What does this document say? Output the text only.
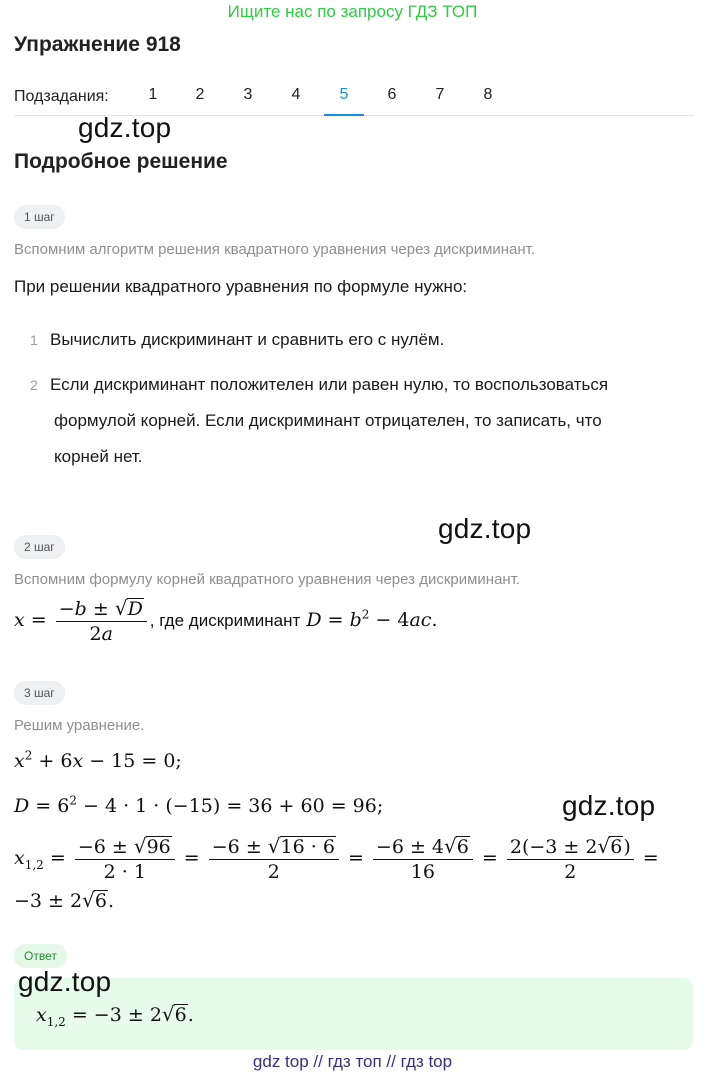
Ищите нас по запросу ГДЗ ТОП
Упражнение 918
Подзадания:	1	2	3	4	5	6	7	8
gdz.top
Подробное решение
1 шаг
Вспомним алгоритм решения квадратного уравнения через дискриминант.
При решении квадратного уравнения по формуле нужно:
1 Вычислить дискриминант и сравнить его с нулём.
2 Если дискриминант положителен или равен нулю, то воспользоваться
формулой корней. Если дискриминант отрицателен, то записать, что
корней нет.
gdz.top
2 шаг
Вспомним формулу корней квадратного уравнения через дискриминант.
$x = \frac{-b \pm √D}{2a}$ , где дискриминант $D = b^2 - 4ac$.
3 шаг
Решим уравнение.
$x^2 + 6x - 15 = 0$;
$D = 6^2 - 4 \cdot 1 \cdot (-15) = 36 + 60 = 96$;	gdz.top
$x_{1,2} = \frac{-6 \pm √96}{2 \cdot 1} = \frac{-6 \pm √16 \cdot 6}{2} = \frac{-6 \pm 4√6}{16} = \frac{2(-3 \pm 2√6)}{2}$ =
−3 ± 2√6.
Ответ
$x_{1,2} = -3 \pm 2√6$.
gdz.top
gdz top // гдз топ // гдз top
